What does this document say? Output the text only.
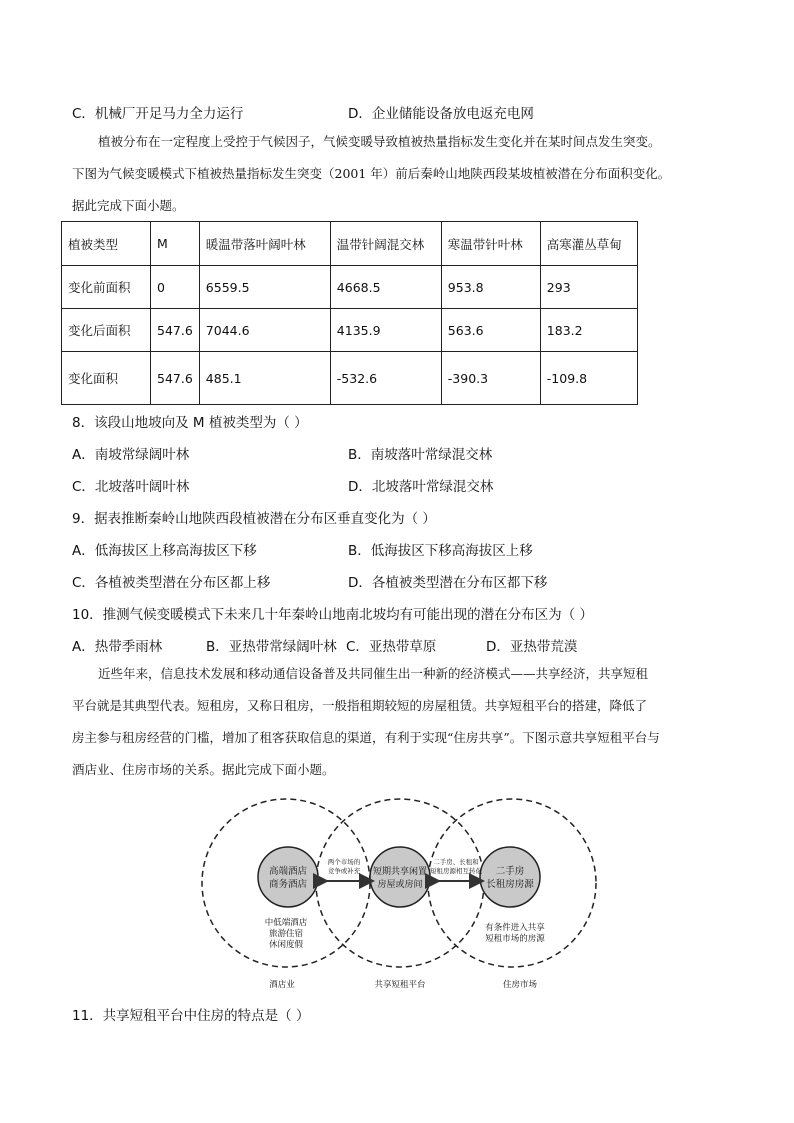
C．机械厂开足马力全力运行	D．企业储能设备放电返充电网
植被分布在一定程度上受控于气候因子，气候变暖导致植被热量指标发生变化并在某时间点发生突变。
下图为气候变暖模式下植被热量指标发生突变（2001 年）前后秦岭山地陕西段某坡植被潜在分布面积变化。
据此完成下面小题。
植被类型	M	暖温带落叶阔叶林	温带针阔混交林	寒温带针叶林	高寒灌丛草甸
变化前面积	0	6559.5	4668.5	953.8	293
变化后面积	547.6	7044.6	4135.9	563.6	183.2
变化面积	547.6	485.1	-532.6	-390.3	-109.8
8．该段山地坡向及 M 植被类型为（ ）
A．南坡常绿阔叶林	B．南坡落叶常绿混交林
C．北坡落叶阔叶林	D．北坡落叶常绿混交林
9．据表推断秦岭山地陕西段植被潜在分布区垂直变化为（ ）
A．低海拔区上移高海拔区下移	B．低海拔区下移高海拔区上移
C．各植被类型潜在分布区都上移	D．各植被类型潜在分布区都下移
10．推测气候变暖模式下未来几十年秦岭山地南北坡均有可能出现的潜在分布区为（ ）
A．热带季雨林	B．亚热带常绿阔叶林 C．亚热带草原	D．亚热带荒漠
近些年来，信息技术发展和移动通信设备普及共同催生出一种新的经济模式——共享经济，共享短租
平台就是其典型代表。短租房，又称日租房，一般指租期较短的房屋租赁。共享短租平台的搭建，降低了
房主参与租房经营的门槛，增加了租客获取信息的渠道，有利于实现“住房共享”。下图示意共享短租平台与
酒店业、住房市场的关系。据此完成下面小题。
高端酒店
商务酒店
短期共享闲置
房屋或房间
二手房
长租房房源
两个市场的
竞争或补充
二手房、长租和
短租房源相互转化
中低端酒店
旅游住宿
休闲度假
有条件进入共享
短租市场的房源
酒店业	共享短租平台	住房市场
11．共享短租平台中住房的特点是（ ）
